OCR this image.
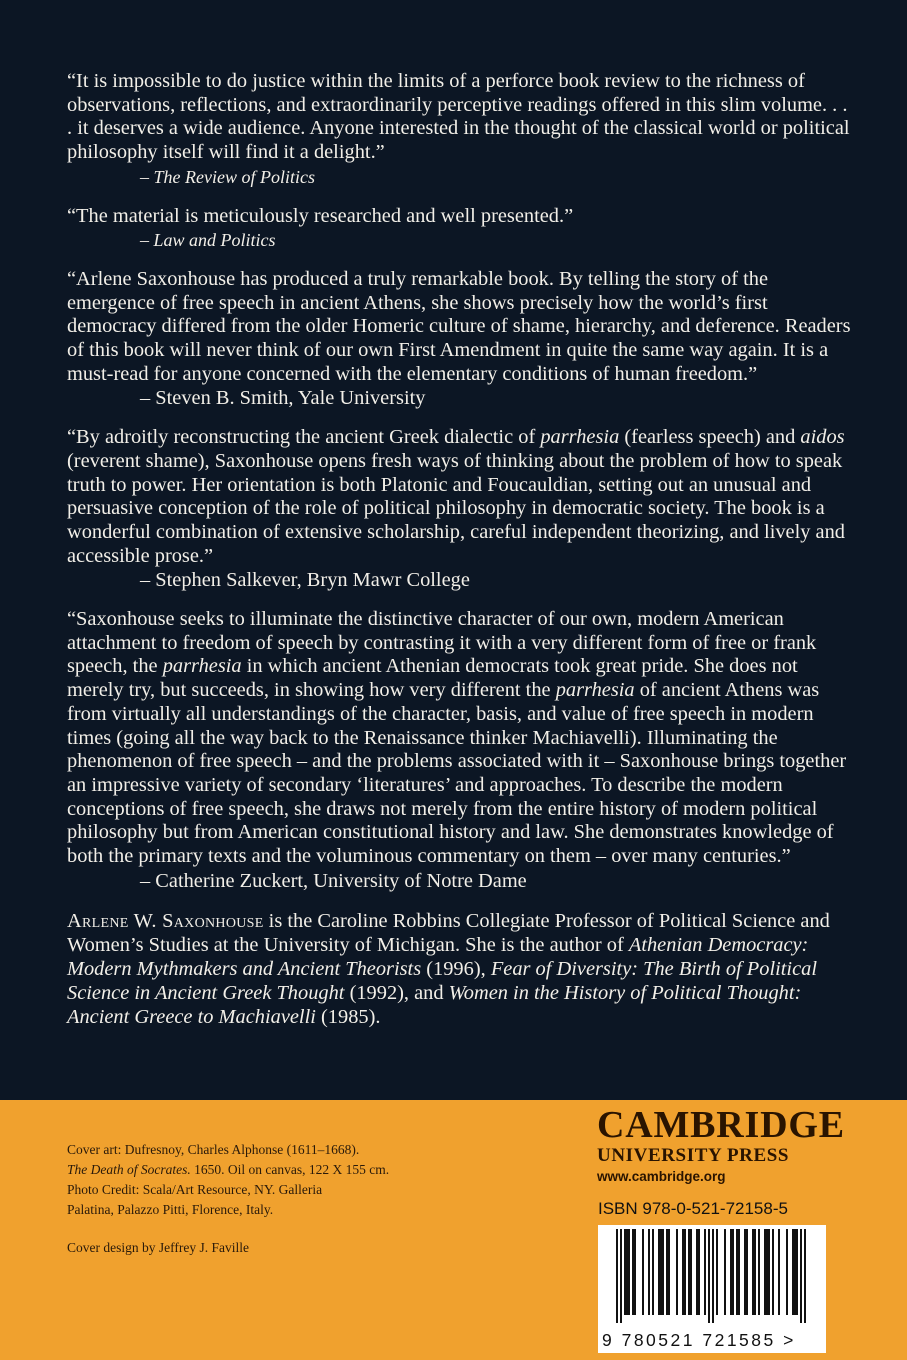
“It is impossible to do justice within the limits of a perforce book review to the richness of observations, reflections, and extraordinarily perceptive readings offered in this slim volume. . . . it deserves a wide audience. Anyone interested in the thought of the classical world or political philosophy itself will find it a delight.”
– The Review of Politics
“The material is meticulously researched and well presented.”
– Law and Politics
“Arlene Saxonhouse has produced a truly remarkable book. By telling the story of the emergence of free speech in ancient Athens, she shows precisely how the world’s first democracy differed from the older Homeric culture of shame, hierarchy, and deference. Readers of this book will never think of our own First Amendment in quite the same way again. It is a must-read for anyone concerned with the elementary conditions of human freedom.”
– Steven B. Smith, Yale University
“By adroitly reconstructing the ancient Greek dialectic of parrhesia (fearless speech) and aidos (reverent shame), Saxonhouse opens fresh ways of thinking about the problem of how to speak truth to power. Her orientation is both Platonic and Foucauldian, setting out an unusual and persuasive conception of the role of political philosophy in democratic society. The book is a wonderful combination of extensive scholarship, careful independent theorizing, and lively and accessible prose.”
– Stephen Salkever, Bryn Mawr College
“Saxonhouse seeks to illuminate the distinctive character of our own, modern American attachment to freedom of speech by contrasting it with a very different form of free or frank speech, the parrhesia in which ancient Athenian democrats took great pride. She does not merely try, but succeeds, in showing how very different the parrhesia of ancient Athens was from virtually all understandings of the character, basis, and value of free speech in modern times (going all the way back to the Renaissance thinker Machiavelli). Illuminating the phenomenon of free speech – and the problems associated with it – Saxonhouse brings together an impressive variety of secondary ‘literatures’ and approaches. To describe the modern conceptions of free speech, she draws not merely from the entire history of modern political philosophy but from American constitutional history and law. She demonstrates knowledge of both the primary texts and the voluminous commentary on them – over many centuries.”
– Catherine Zuckert, University of Notre Dame
Arlene W. Saxonhouse is the Caroline Robbins Collegiate Professor of Political Science and Women’s Studies at the University of Michigan. She is the author of Athenian Democracy: Modern Mythmakers and Ancient Theorists (1996), Fear of Diversity: The Birth of Political Science in Ancient Greek Thought (1992), and Women in the History of Political Thought: Ancient Greece to Machiavelli (1985).
Cover art: Dufresnoy, Charles Alphonse (1611–1668).
The Death of Socrates. 1650. Oil on canvas, 122 X 155 cm.
Photo Credit: Scala/Art Resource, NY. Galleria
Palatina, Palazzo Pitti, Florence, Italy.
Cover design by Jeffrey J. Faville
CAMBRIDGE
UNIVERSITY PRESS
www.cambridge.org
ISBN 978-0-521-72158-5
9 780521 721585 >
